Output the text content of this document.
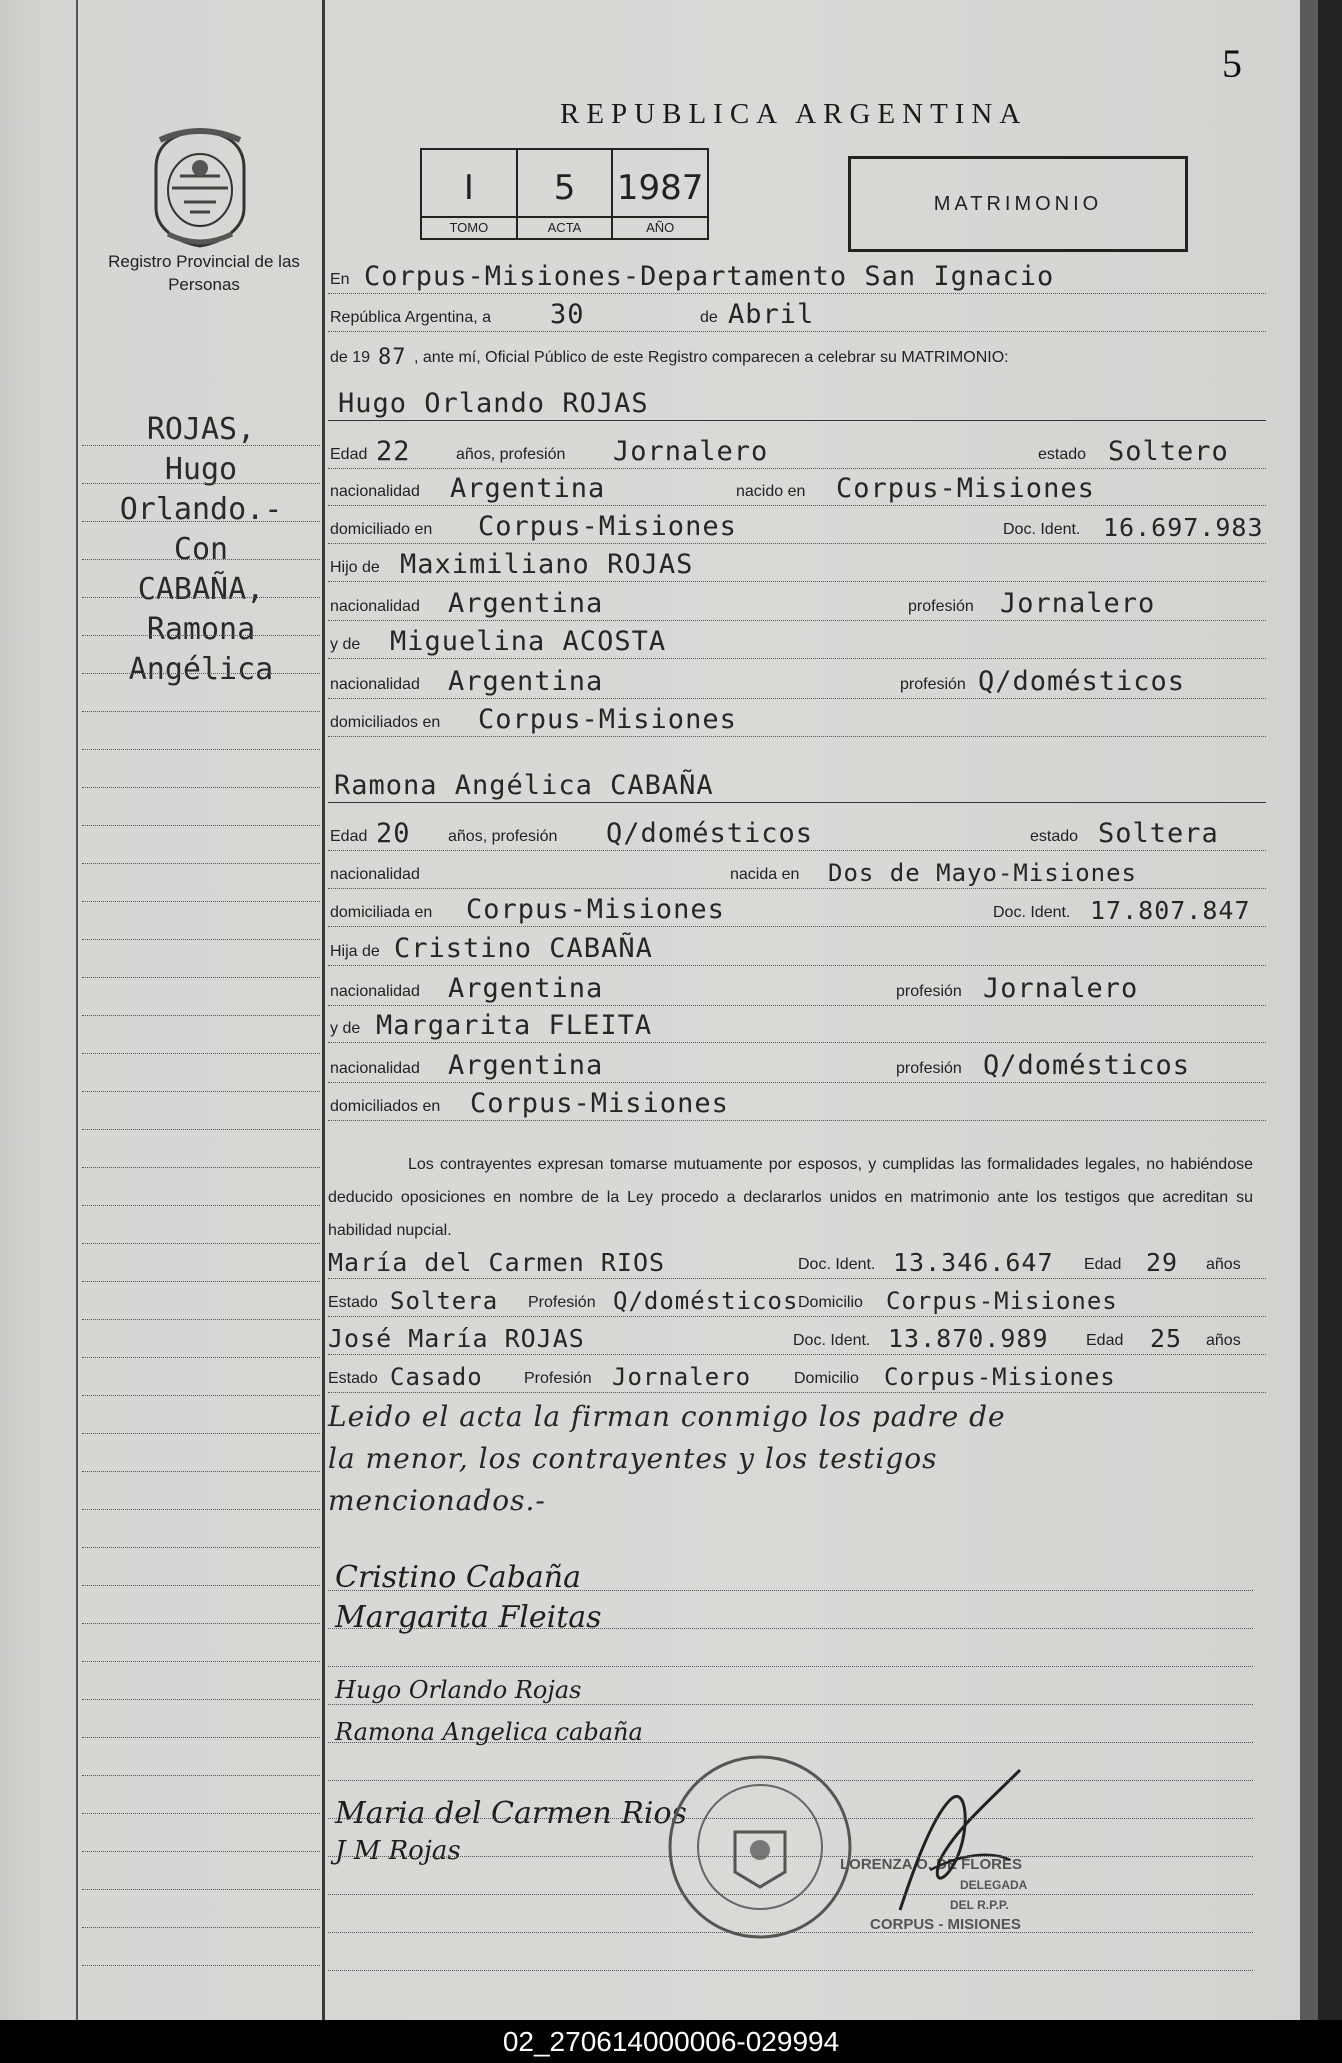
5
REPUBLICA ARGENTINA
Registro Provincial de las Personas
I
TOMO
5
ACTA
1987
AÑO
MATRIMONIO
En Corpus-Misiones-Departamento San Ignacio
República Argentina, a 30	de Abril
de 19 87 , ante mí, Oficial Público de este Registro comparecen a celebrar su MATRIMONIO:
Hugo Orlando ROJAS
Edad 22	años, profesión Jornalero	estado Soltero
nacionalidad Argentina	nacido en Corpus-Misiones
domiciliado en Corpus-Misiones	Doc. Ident. 16.697.983
Hijo de Maximiliano ROJAS
nacionalidad Argentina	profesión Jornalero
y de Miguelina ACOSTA
nacionalidad Argentina	profesión Q/domésticos
domiciliados en Corpus-Misiones
Ramona Angélica CABAÑA
Edad 20 años, profesión Q/domésticos	estado Soltera
nacionalidad	nacida en Dos de Mayo-Misiones
domiciliada en Corpus-Misiones	Doc. Ident. 17.807.847
Hija de Cristino CABAÑA
nacionalidad Argentina	profesión Jornalero
y de Margarita FLEITA
nacionalidad Argentina	profesión Q/domésticos
domiciliados en Corpus-Misiones
Los contrayentes expresan tomarse mutuamente por esposos, y cumplidas las formalidades legales, no habiéndose deducido oposiciones en nombre de la Ley procedo a declararlos unidos en matrimonio ante los testigos que acreditan su habilidad nupcial.
María del Carmen RIOS	Doc. Ident. 13.346.647 Edad 29 años
Estado Soltera Profesión Q/domésticos Domicilio Corpus-Misiones
José María ROJAS	Doc. Ident. 13.870.989 Edad 25 años
Estado Casado	Profesión Jornalero	Domicilio Corpus-Misiones
Leido el acta la firman conmigo los padre de
la menor, los contrayentes y los testigos
mencionados.-
Cristino Cabaña
Margarita Fleitas
Hugo Orlando Rojas
Ramona Angelica cabaña
Maria del Carmen Rios
J M Rojas	LORENZA O. DE FLORES
DELEGADA
DEL R.P.P.
CORPUS - MISIONES
ROJAS,
Hugo
Orlando.-
Con
CABAÑA,
Ramona
Angélica
02_270614000006-029994
